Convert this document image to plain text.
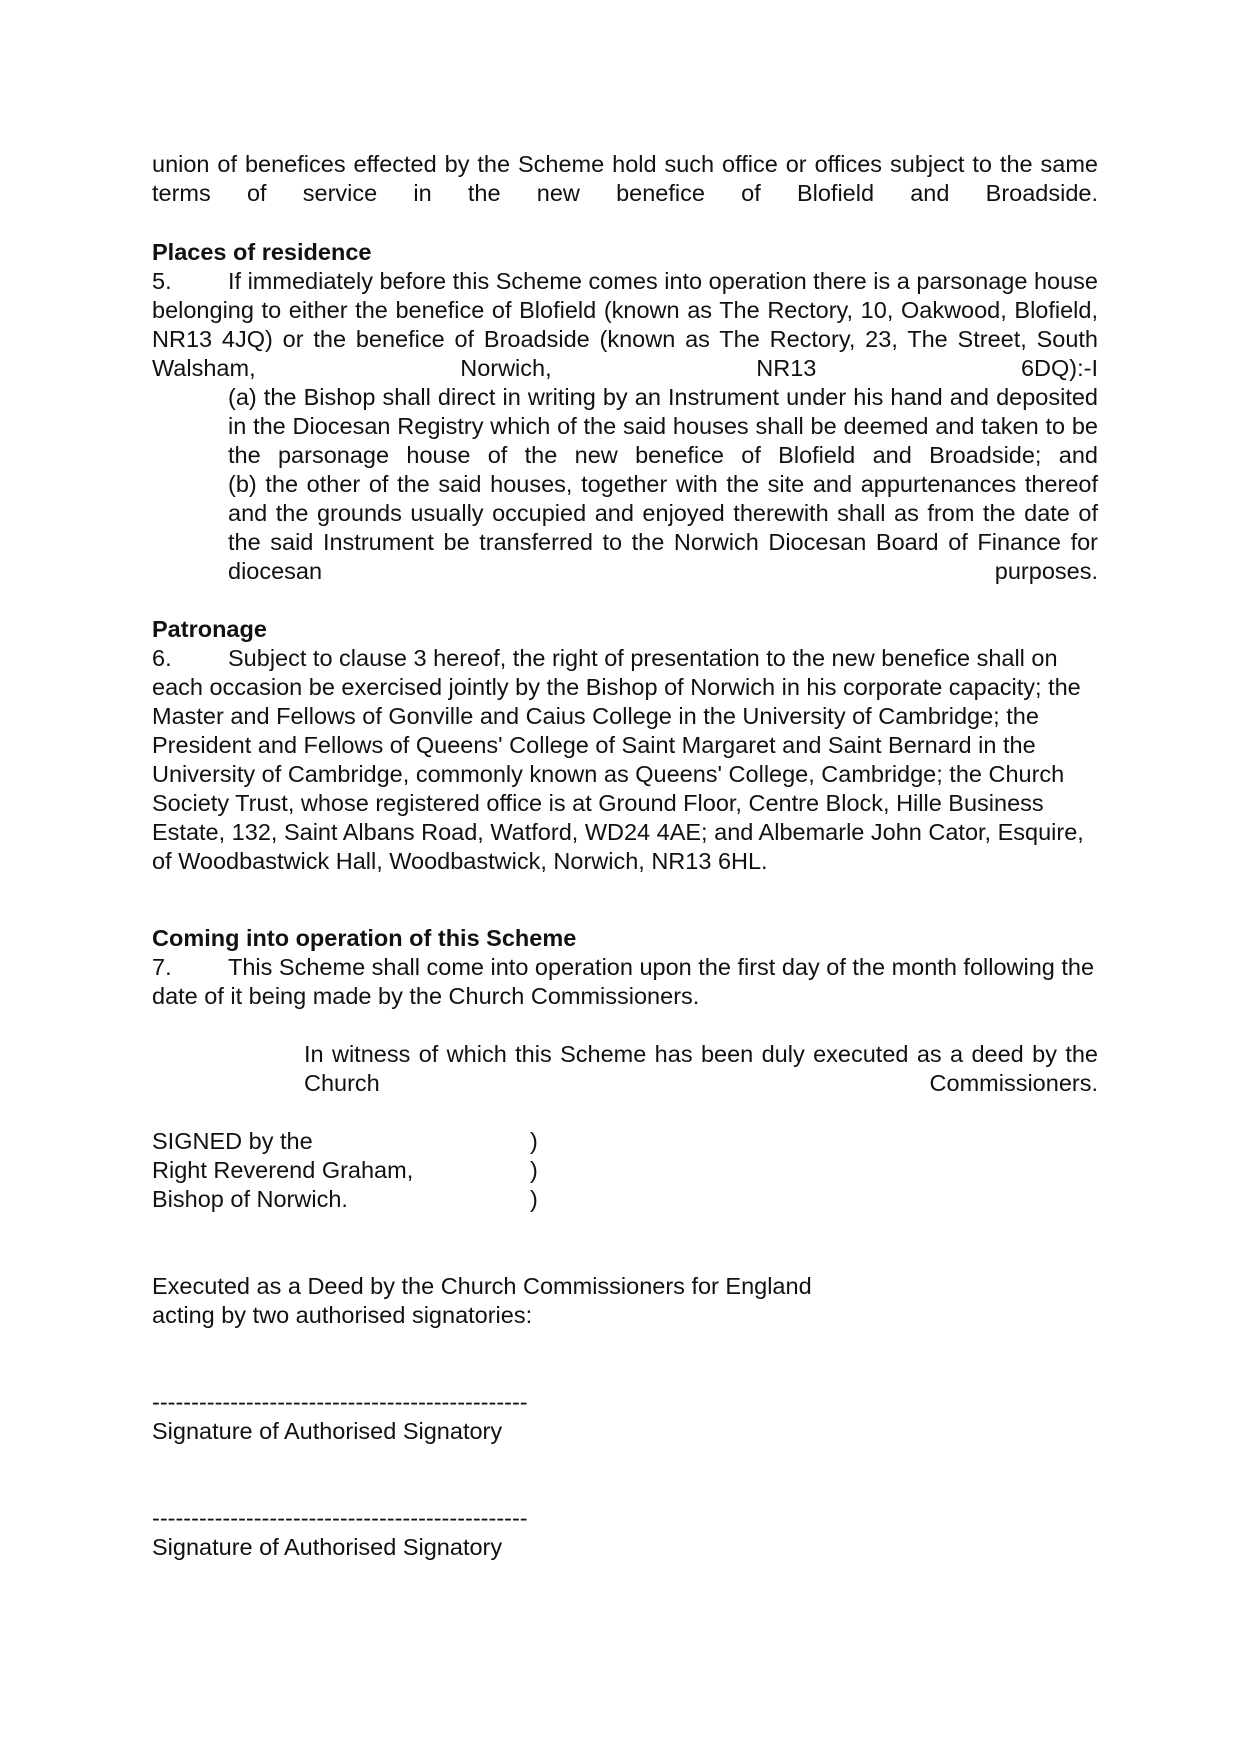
union of benefices effected by the Scheme hold such office or offices subject to the same terms of service in the new benefice of Blofield and Broadside.

Places of residence

5. If immediately before this Scheme comes into operation there is a parsonage house belonging to either the benefice of Blofield (known as The Rectory, 10, Oakwood, Blofield, NR13 4JQ) or the benefice of Broadside (known as The Rectory, 23, The Street, South Walsham, Norwich, NR13 6DQ):-I

(a) the Bishop shall direct in writing by an Instrument under his hand and deposited in the Diocesan Registry which of the said houses shall be deemed and taken to be the parsonage house of the new benefice of Blofield and Broadside; and

(b) the other of the said houses, together with the site and appurtenances thereof and the grounds usually occupied and enjoyed therewith shall as from the date of the said Instrument be transferred to the Norwich Diocesan Board of Finance for diocesan purposes.

Patronage

6. Subject to clause 3 hereof, the right of presentation to the new benefice shall on each occasion be exercised jointly by the Bishop of Norwich in his corporate capacity; the Master and Fellows of Gonville and Caius College in the University of Cambridge; the President and Fellows of Queens' College of Saint Margaret and Saint Bernard in the University of Cambridge, commonly known as Queens' College, Cambridge; the Church Society Trust, whose registered office is at Ground Floor, Centre Block, Hille Business Estate, 132, Saint Albans Road, Watford, WD24 4AE; and Albemarle John Cator, Esquire, of Woodbastwick Hall, Woodbastwick, Norwich, NR13 6HL.

Coming into operation of this Scheme

7. This Scheme shall come into operation upon the first day of the month following the date of it being made by the Church Commissioners.

In witness of which this Scheme has been duly executed as a deed by the Church Commissioners.

SIGNED by the	)
Right Reverend Graham,	)
Bishop of Norwich.	)
Executed as a Deed by the Church Commissioners for England
acting by two authorised signatories:
------------------------------------------------
Signature of Authorised Signatory
------------------------------------------------
Signature of Authorised Signatory
